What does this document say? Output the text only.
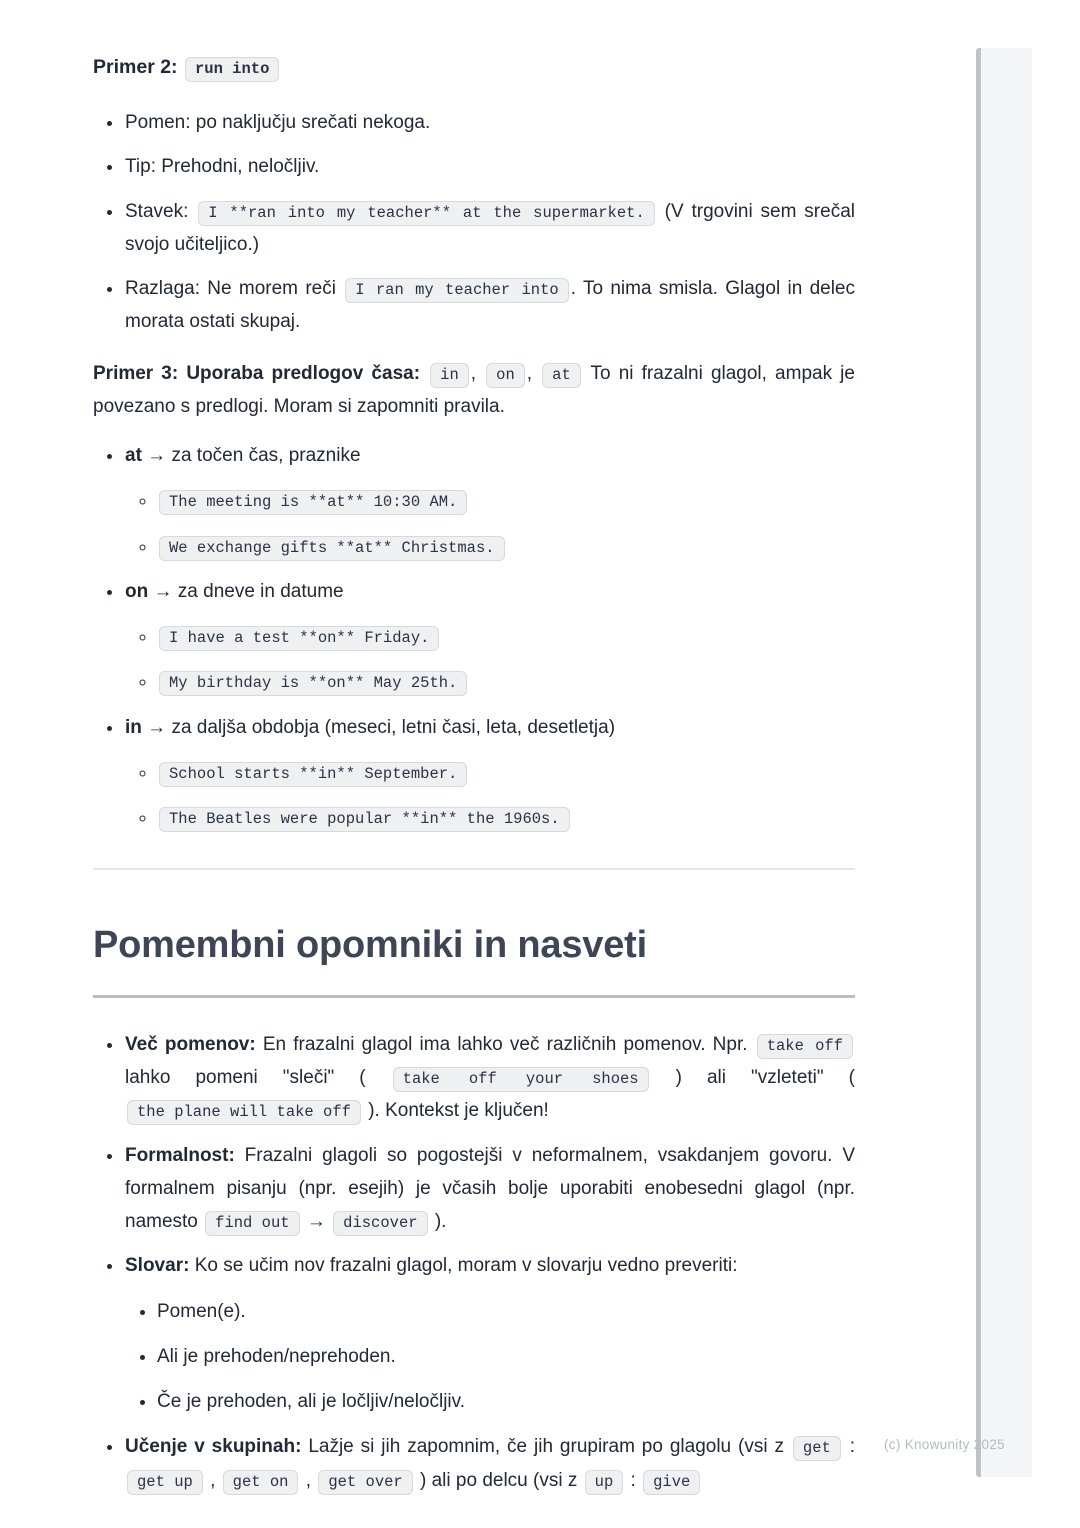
Primer 2: run into
• Pomen: po naključju srečati nekoga.
• Tip: Prehodni, neločljiv.
• Stavek: I **ran into my teacher** at the supermarket. (V trgovini sem srečal svojo učiteljico.)
• Razlaga: Ne morem reči I ran my teacher into . To nima smisla. Glagol in delec morata ostati skupaj.

Primer 3: Uporaba predlogov časa: in , on , at To ni frazalni glagol, ampak je povezano s predlogi. Moram si zapomniti pravila.

• at → za točen čas, praznike
◦ The meeting is **at** 10:30 AM.
◦ We exchange gifts **at** Christmas.
• on → za dneve in datume
◦ I have a test **on** Friday.
◦ My birthday is **on** May 25th.
• in → za daljša obdobja (meseci, letni časi, leta, desetletja)
◦ School starts **in** September.
◦ The Beatles were popular **in** the 1960s.
Pomembni opomniki in nasveti
• Več pomenov: En frazalni glagol ima lahko več različnih pomenov. Npr. take off lahko pomeni "sleči" ( take off your shoes ) ali "vzleteti" ( the plane will take off ). Kontekst je ključen!
• Formalnost: Frazalni glagoli so pogostejši v neformalnem, vsakdanjem govoru. V formalnem pisanju (npr. esejih) je včasih bolje uporabiti enobesedni glagol (npr. namesto find out → discover ).
• Slovar: Ko se učim nov frazalni glagol, moram v slovarju vedno preveriti:
• Pomen(e).
• Ali je prehoden/neprehoden.
• Če je prehoden, ali je ločljiv/neločljiv.
• Učenje v skupinah: Lažje si jih zapomnim, če jih grupiram po glagolu (vsi z get : get up , get on , get over ) ali po delcu (vsi z up : give
(c) Knowunity 2025
